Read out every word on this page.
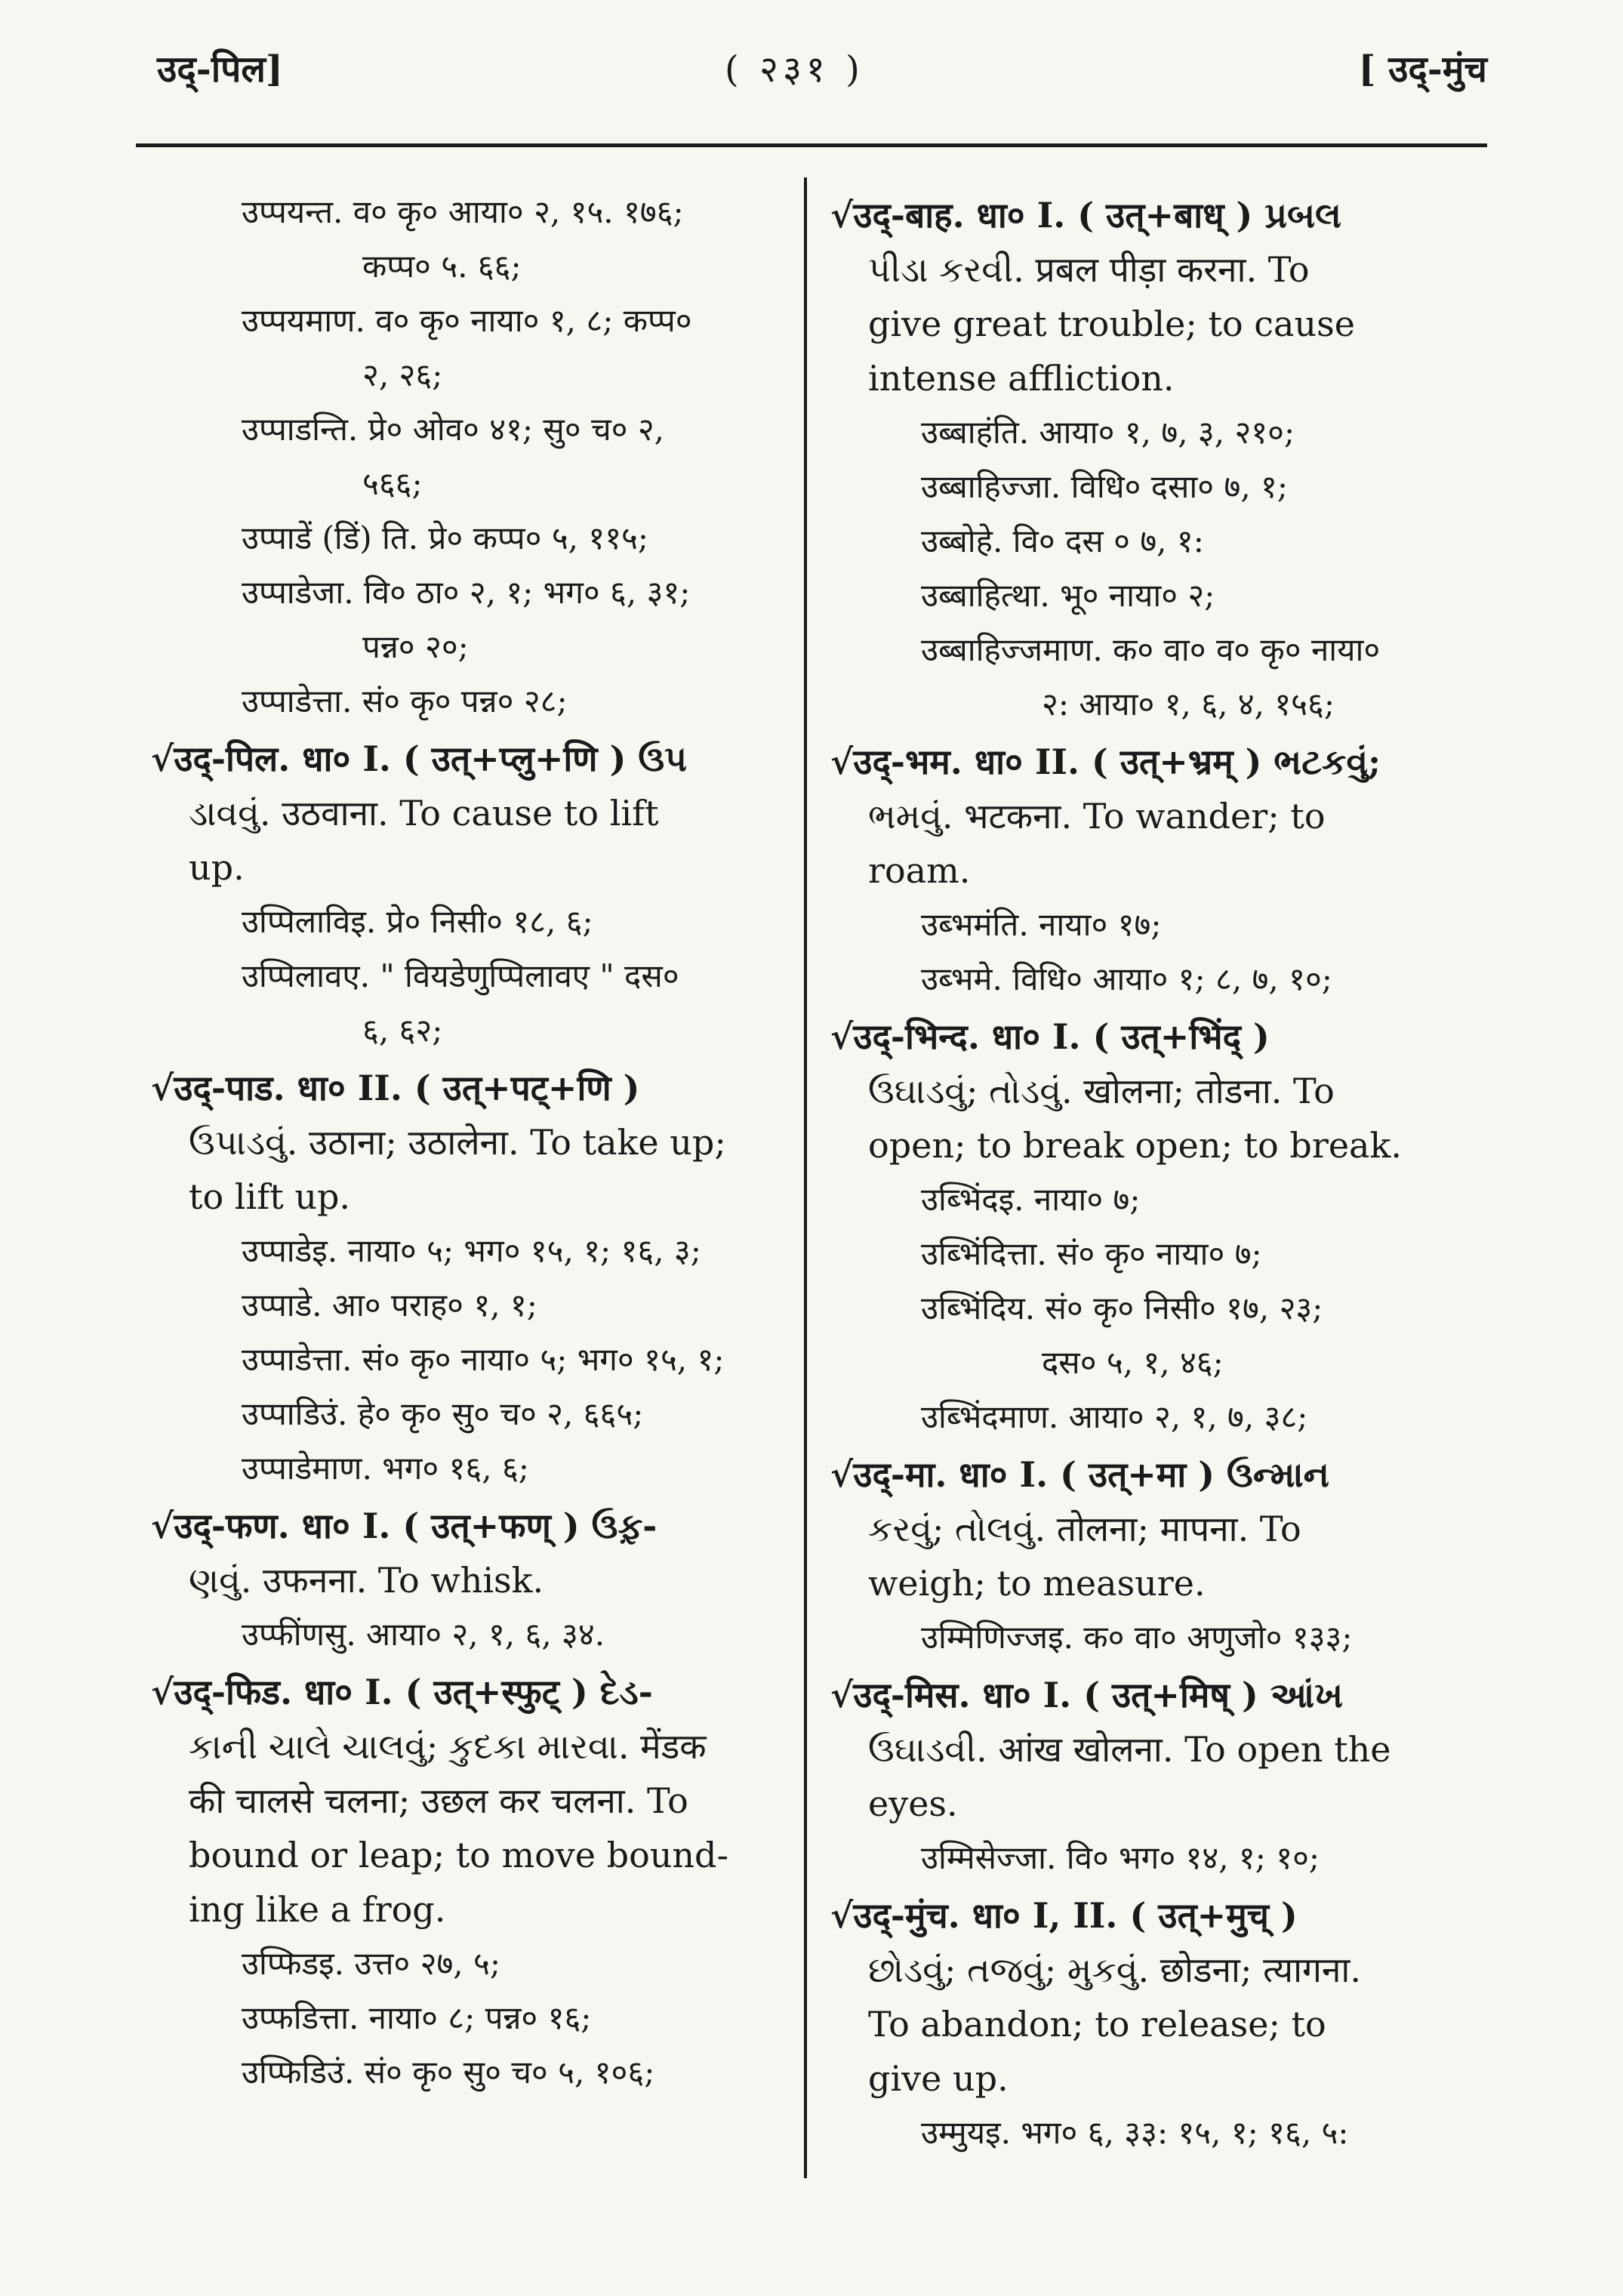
उद्-पिल]	( २३१ )	[ उद्-मुंच
उप्पयन्त. व० कृ० आया० २, १५. १७६;
कप्प० ५. ६६;
उप्पयमाण. व० कृ० नाया० १, ८; कप्प०
२, २६;
उप्पाडन्ति. प्रे० ओव० ४१; सु० च० २,
५६६;
उप्पाडें (डिं) ति. प्रे० कप्प० ५, ११५;
उप्पाडेजा. वि० ठा० २, १; भग० ६, ३१;
पन्न० २०;
उप्पाडेत्ता. सं० कृ० पन्न० २८;
√उद्-पिल. धा० I. ( उत्+प्लु+णि ) ઉપ
ડાવવું. उठवाना. To cause to lift
up.
उप्पिलाविइ. प्रे० निसी० १८, ६;
उप्पिलावए. " वियडेणुप्पिलावए " दस०
६, ६२;
√उद्-पाड. धा० II. ( उत्+पट्+णि )
ઉપાડવું. उठाना; उठालेना. To take up;
to lift up.
उप्पाडेइ. नाया० ५; भग० १५, १; १६, ३;
उप्पाडे. आ० पराह० १, १;
उप्पाडेत्ता. सं० कृ० नाया० ५; भग० १५, १;
उप्पाडिउं. हे० कृ० सु० च० २, ६६५;
उप्पाडेमाण. भग० १६, ६;
√उद्-फण. धा० I. ( उत्+फण् ) ઉફ઼-
ણવું. उफनना. To whisk.
उप्फींणसु. आया० २, १, ६, ३४.
√उद्-फिड. धा० I. ( उत्+स्फुट् ) દેડ-
કાની ચાલે ચાલવું; કુદકા મારવા. मेंडक
की चालसे चलना; उछल कर चलना. To
bound or leap; to move bound-
ing like a frog.
उप्फिडइ. उत्त० २७, ५;
उप्फडित्ता. नाया० ८; पन्न० १६;
उप्फिडिउं. सं० कृ० सु० च० ५, १०६;
√उद्-बाह. धा० I. ( उत्+बाध् ) પ્રબલ
પીડા કરવી. प्रबल पीड़ा करना. To
give great trouble; to cause
intense affliction.
उब्बाहंति. आया० १, ७, ३, २१०;
उब्बाहिज्जा. विधि० दसा० ७, १;
उब्बोहे. वि० दस ० ७, १:
उब्बाहित्था. भू० नाया० २;
उब्बाहिज्जमाण. क० वा० व० कृ० नाया०
२: आया० १, ६, ४, १५६;
√उद्-भम. धा० II. ( उत्+भ्रम् ) ભટકવું;
ભમવું. भटकना. To wander; to
roam.
उब्भमंति. नाया० १७;
उब्भमे. विधि० आया० १; ८, ७, १०;
√उद्-भिन्द. धा० I. ( उत्+भिंद् )
ઉઘાડવું; તોડવું. खोलना; तोडना. To
open; to break open; to break.
उब्भिंदइ. नाया० ७;
उब्भिंदित्ता. सं० कृ० नाया० ७;
उब्भिंदिय. सं० कृ० निसी० १७, २३;
दस० ५, १, ४६;
उब्भिंदमाण. आया० २, १, ७, ३८;
√उद्-मा. धा० I. ( उत्+मा ) ઉન્માન
કરવું; તોલવું. तोलना; मापना. To
weigh; to measure.
उम्मिणिज्जइ. क० वा० अणुजो० १३३;
√उद्-मिस. धा० I. ( उत्+मिष् ) આંખ
ઉઘાડવી. आंख खोलना. To open the
eyes.
उम्मिसेज्जा. वि० भग० १४, १; १०;
√उद्-मुंच. धा० I, II. ( उत्+मुच् )
છોડવું; તજવું; મુકવું. छोडना; त्यागना.
To abandon; to release; to
give up.
उम्मुयइ. भग० ६, ३३: १५, १; १६, ५:
